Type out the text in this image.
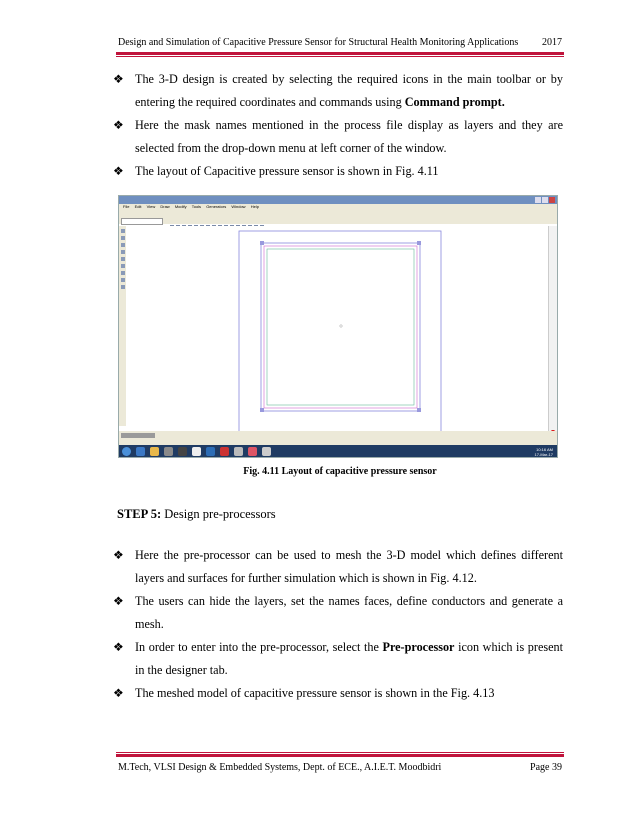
Design and Simulation of Capacitive Pressure Sensor for Structural Health Monitoring Applications 2017
❖ The 3-D design is created by selecting the required icons in the main toolbar or by entering the required coordinates and commands using Command prompt.
❖ Here the mask names mentioned in the process file display as layers and they are selected from the drop-down menu at left corner of the window.
❖ The layout of Capacitive pressure sensor is shown in Fig. 4.11
File Edit View Draw Modify Tools Generators Window Help

10:16 AM
17-Mar-17
Fig. 4.11 Layout of capacitive pressure sensor
STEP 5: Design pre-processors
❖ Here the pre-processor can be used to mesh the 3-D model which defines different layers and surfaces for further simulation which is shown in Fig. 4.12.
❖ The users can hide the layers, set the names faces, define conductors and generate a mesh.
❖ In order to enter into the pre-processor, select the Pre-processor icon which is present in the designer tab.
❖ The meshed model of capacitive pressure sensor is shown in the Fig. 4.13
M.Tech, VLSI Design & Embedded Systems, Dept. of ECE., A.I.E.T. Moodbidri	Page 39
